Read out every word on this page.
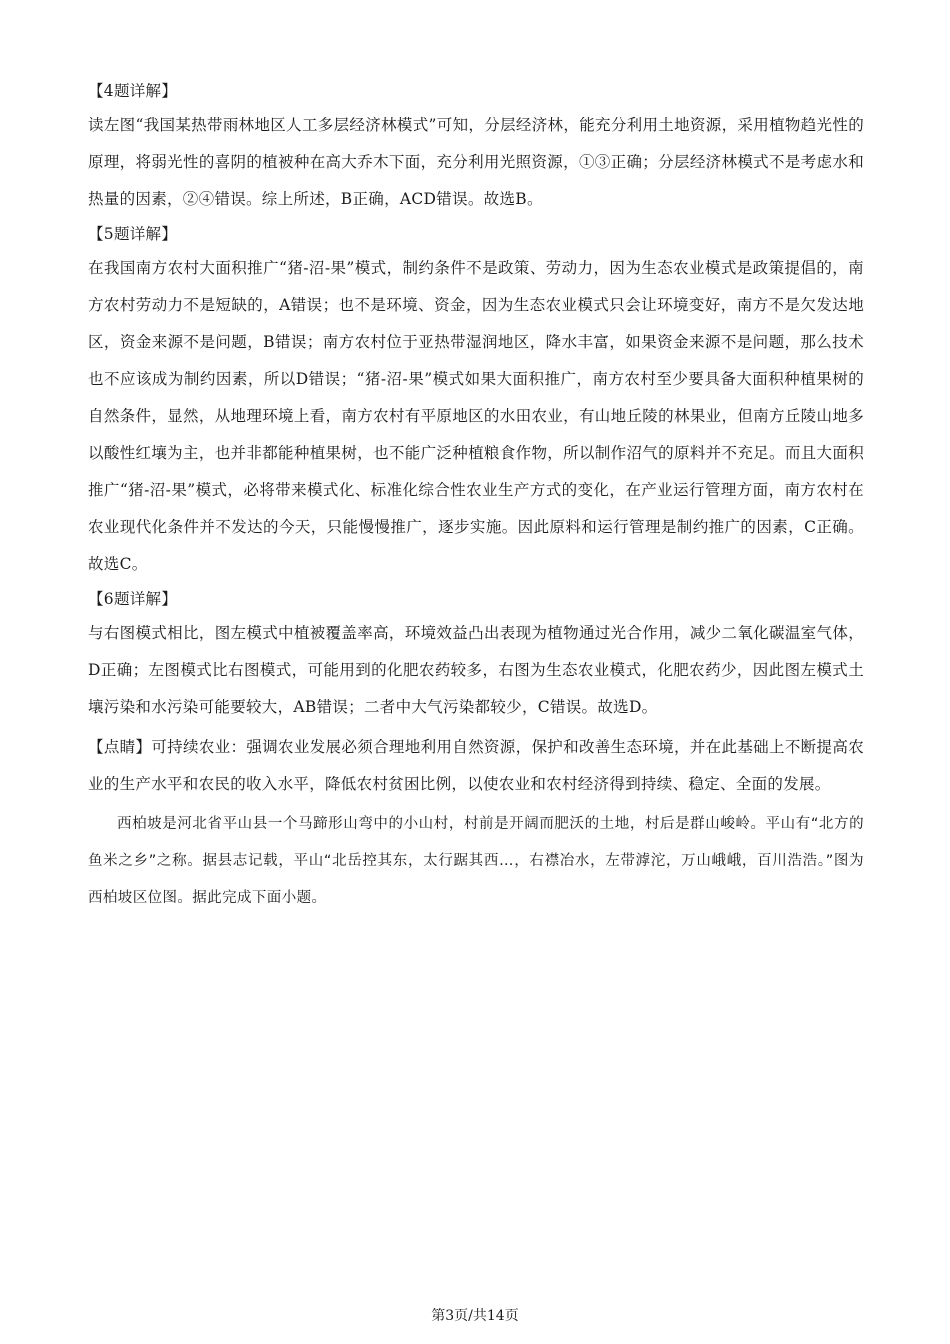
【4题详解】

读左图“我国某热带雨林地区人工多层经济林模式”可知，分层经济林，能充分利用土地资源，采用植物趋光性的原理，将弱光性的喜阴的植被种在高大乔木下面，充分利用光照资源，①③正确；分层经济林模式不是考虑水和热量的因素，②④错误。综上所述，B正确，ACD错误。故选B。

【5题详解】

在我国南方农村大面积推广“猪-沼-果”模式，制约条件不是政策、劳动力，因为生态农业模式是政策提倡的，南方农村劳动力不是短缺的，A错误；也不是环境、资金，因为生态农业模式只会让环境变好，南方不是欠发达地区，资金来源不是问题，B错误；南方农村位于亚热带湿润地区，降水丰富，如果资金来源不是问题，那么技术也不应该成为制约因素，所以D错误；“猪-沼-果”模式如果大面积推广，南方农村至少要具备大面积种植果树的自然条件，显然，从地理环境上看，南方农村有平原地区的水田农业，有山地丘陵的林果业，但南方丘陵山地多以酸性红壤为主，也并非都能种植果树，也不能广泛种植粮食作物，所以制作沼气的原料并不充足。而且大面积推广“猪-沼-果”模式，必将带来模式化、标准化综合性农业生产方式的变化，在产业运行管理方面，南方农村在农业现代化条件并不发达的今天，只能慢慢推广，逐步实施。因此原料和运行管理是制约推广的因素，C正确。故选C。

【6题详解】

与右图模式相比，图左模式中植被覆盖率高，环境效益凸出表现为植物通过光合作用，减少二氧化碳温室气体，D正确；左图模式比右图模式，可能用到的化肥农药较多，右图为生态农业模式，化肥农药少，因此图左模式土壤污染和水污染可能要较大，AB错误；二者中大气污染都较少，C错误。故选D。

【点睛】可持续农业：强调农业发展必须合理地利用自然资源，保护和改善生态环境，并在此基础上不断提高农业的生产水平和农民的收入水平，降低农村贫困比例，以使农业和农村经济得到持续、稳定、全面的发展。

西柏坡是河北省平山县一个马蹄形山弯中的小山村，村前是开阔而肥沃的土地，村后是群山峻岭。平山有“北方的鱼米之乡”之称。据县志记载，平山“北岳控其东，太行踞其西…，右襟冶水，左带滹沱，万山峨峨，百川浩浩。”图为西柏坡区位图。据此完成下面小题。

第3页/共14页
